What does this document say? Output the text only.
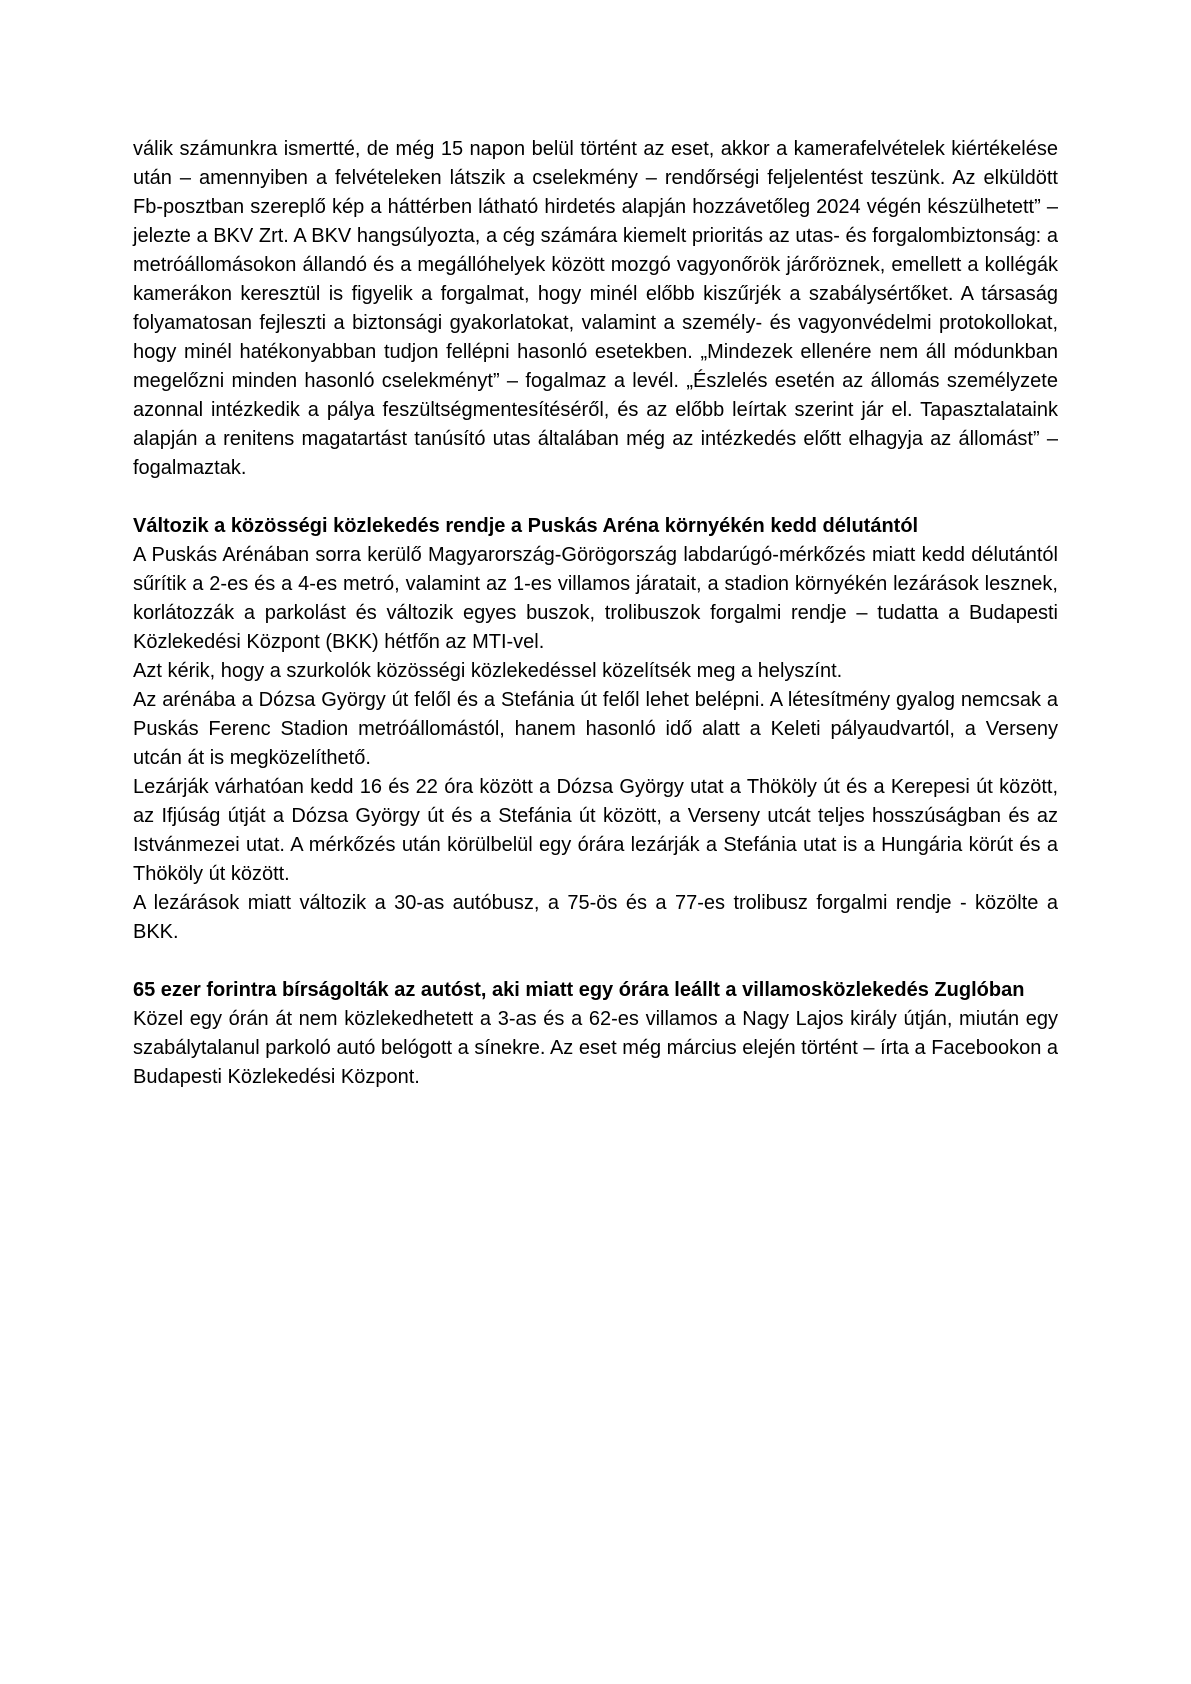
válik számunkra ismertté, de még 15 napon belül történt az eset, akkor a kamerafelvételek kiértékelése után – amennyiben a felvételeken látszik a cselekmény – rendőrségi feljelentést teszünk. Az elküldött Fb-posztban szereplő kép a háttérben látható hirdetés alapján hozzávetőleg 2024 végén készülhetett” – jelezte a BKV Zrt. A BKV hangsúlyozta, a cég számára kiemelt prioritás az utas- és forgalombiztonság: a metróállomásokon állandó és a megállóhelyek között mozgó vagyonőrök járőröznek, emellett a kollégák kamerákon keresztül is figyelik a forgalmat, hogy minél előbb kiszűrjék a szabálysértőket. A társaság folyamatosan fejleszti a biztonsági gyakorlatokat, valamint a személy- és vagyonvédelmi protokollokat, hogy minél hatékonyabban tudjon fellépni hasonló esetekben. „Mindezek ellenére nem áll módunkban megelőzni minden hasonló cselekményt” – fogalmaz a levél. „Észlelés esetén az állomás személyzete azonnal intézkedik a pálya feszültségmentesítéséről, és az előbb leírtak szerint jár el. Tapasztalataink alapján a renitens magatartást tanúsító utas általában még az intézkedés előtt elhagyja az állomást” – fogalmaztak.

Változik a közösségi közlekedés rendje a Puskás Aréna környékén kedd délutántól

A Puskás Arénában sorra kerülő Magyarország-Görögország labdarúgó-mérkőzés miatt kedd délutántól sűrítik a 2-es és a 4-es metró, valamint az 1-es villamos járatait, a stadion környékén lezárások lesznek, korlátozzák a parkolást és változik egyes buszok, trolibuszok forgalmi rendje – tudatta a Budapesti Közlekedési Központ (BKK) hétfőn az MTI-vel.

Azt kérik, hogy a szurkolók közösségi közlekedéssel közelítsék meg a helyszínt.

Az arénába a Dózsa György út felől és a Stefánia út felől lehet belépni. A létesítmény gyalog nemcsak a Puskás Ferenc Stadion metróállomástól, hanem hasonló idő alatt a Keleti pályaudvartól, a Verseny utcán át is megközelíthető.

Lezárják várhatóan kedd 16 és 22 óra között a Dózsa György utat a Thököly út és a Kerepesi út között, az Ifjúság útját a Dózsa György út és a Stefánia út között, a Verseny utcát teljes hosszúságban és az Istvánmezei utat. A mérkőzés után körülbelül egy órára lezárják a Stefánia utat is a Hungária körút és a Thököly út között.

A lezárások miatt változik a 30-as autóbusz, a 75-ös és a 77-es trolibusz forgalmi rendje - közölte a BKK.

65 ezer forintra bírságolták az autóst, aki miatt egy órára leállt a villamosközlekedés Zuglóban

Közel egy órán át nem közlekedhetett a 3-as és a 62-es villamos a Nagy Lajos király útján, miután egy szabálytalanul parkoló autó belógott a sínekre. Az eset még március elején történt – írta a Facebookon a Budapesti Közlekedési Központ.
